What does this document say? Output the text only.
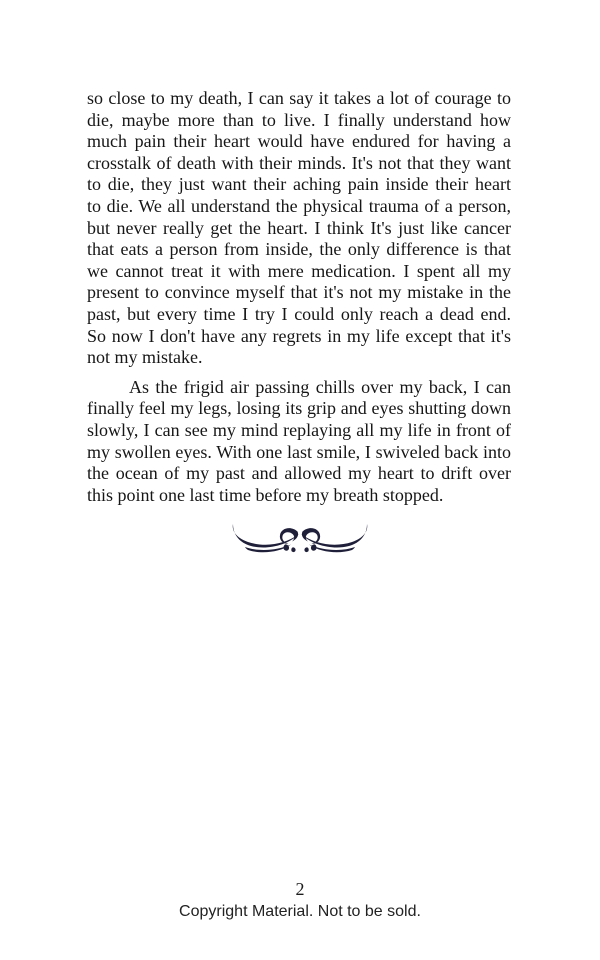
so close to my death, I can say it takes a lot of courage to
die, maybe more than to live. I finally understand how
much pain their heart would have endured for having a
crosstalk of death with their minds. It's not that they want
to die, they just want their aching pain inside their heart
to die. We all understand the physical trauma of a person,
but never really get the heart. I think It's just like cancer
that eats a person from inside, the only difference is that
we cannot treat it with mere medication. I spent all my
present to convince myself that it's not my mistake in the
past, but every time I try I could only reach a dead end.
So now I don't have any regrets in my life except that it's
not my mistake.
As the frigid air passing chills over my back, I can
finally feel my legs, losing its grip and eyes shutting down
slowly, I can see my mind replaying all my life in front of
my swollen eyes. With one last smile, I swiveled back into
the ocean of my past and allowed my heart to drift over
this point one last time before my breath stopped.
2
Copyright Material. Not to be sold.
